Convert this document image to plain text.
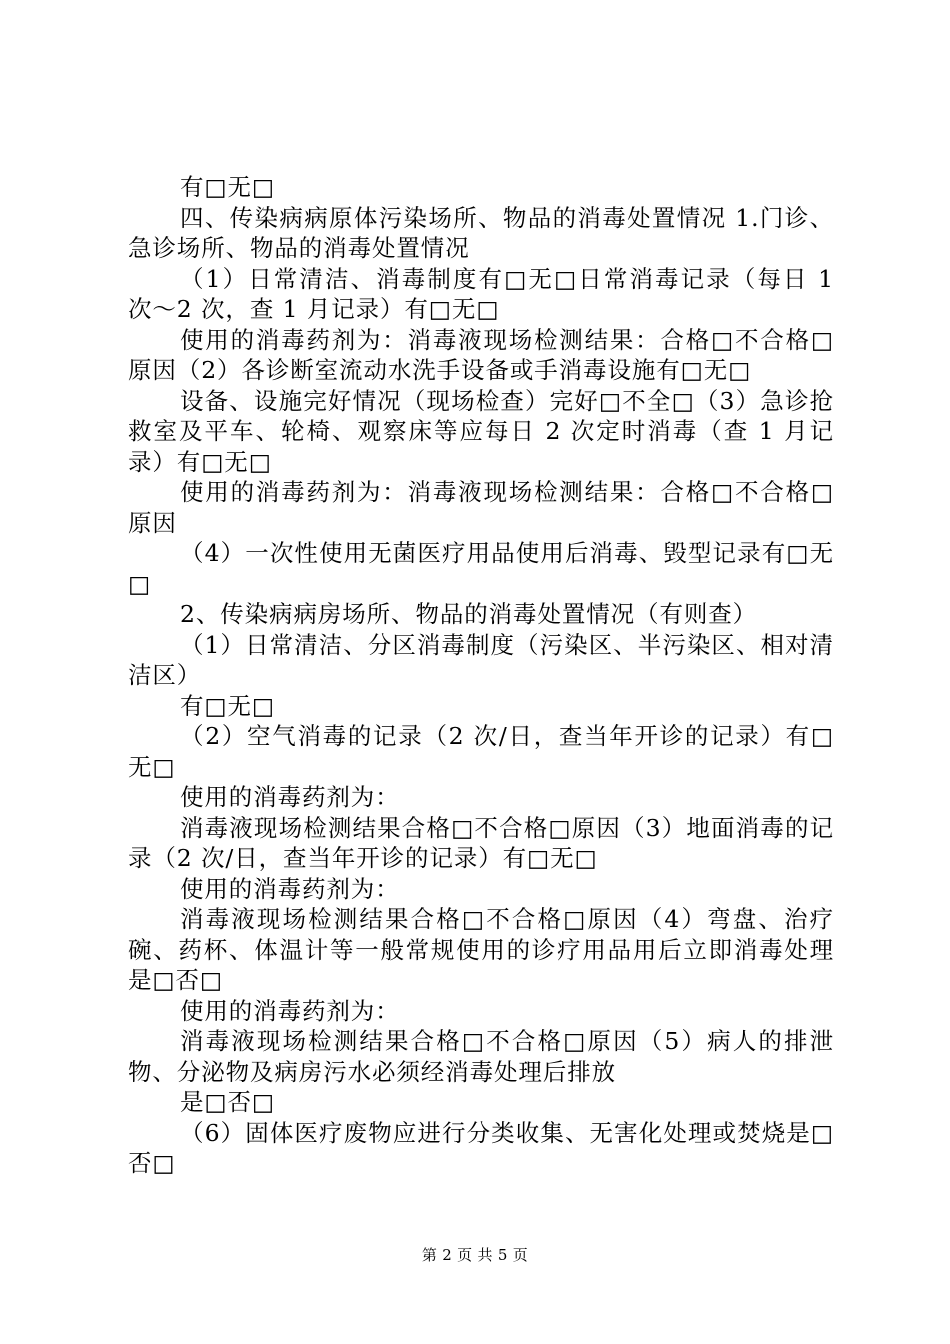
有□无□

四、传染病病原体污染场所、物品的消毒处置情况 1.门诊、急诊场所、物品的消毒处置情况

（1）日常清洁、消毒制度有□无□日常消毒记录（每日 1 次～2 次，查 1 月记录）有□无□

使用的消毒药剂为：消毒液现场检测结果：合格□不合格□原因（2）各诊断室流动水洗手设备或手消毒设施有□无□

设备、设施完好情况（现场检查）完好□不全□（3）急诊抢救室及平车、轮椅、观察床等应每日 2 次定时消毒（查 1 月记录）有□无□

使用的消毒药剂为：消毒液现场检测结果：合格□不合格□原因

（4）一次性使用无菌医疗用品使用后消毒、毁型记录有□无□

2、传染病病房场所、物品的消毒处置情况（有则查）

（1）日常清洁、分区消毒制度（污染区、半污染区、相对清洁区）

有□无□

（2）空气消毒的记录（2 次/日，查当年开诊的记录）有□无□

使用的消毒药剂为：

消毒液现场检测结果合格□不合格□原因（3）地面消毒的记录（2 次/日，查当年开诊的记录）有□无□

使用的消毒药剂为：

消毒液现场检测结果合格□不合格□原因（4）弯盘、治疗碗、药杯、体温计等一般常规使用的诊疗用品用后立即消毒处理是□否□

使用的消毒药剂为：

消毒液现场检测结果合格□不合格□原因（5）病人的排泄物、分泌物及病房污水必须经消毒处理后排放

是□否□

（6）固体医疗废物应进行分类收集、无害化处理或焚烧是□否□

第 2 页 共 5 页
